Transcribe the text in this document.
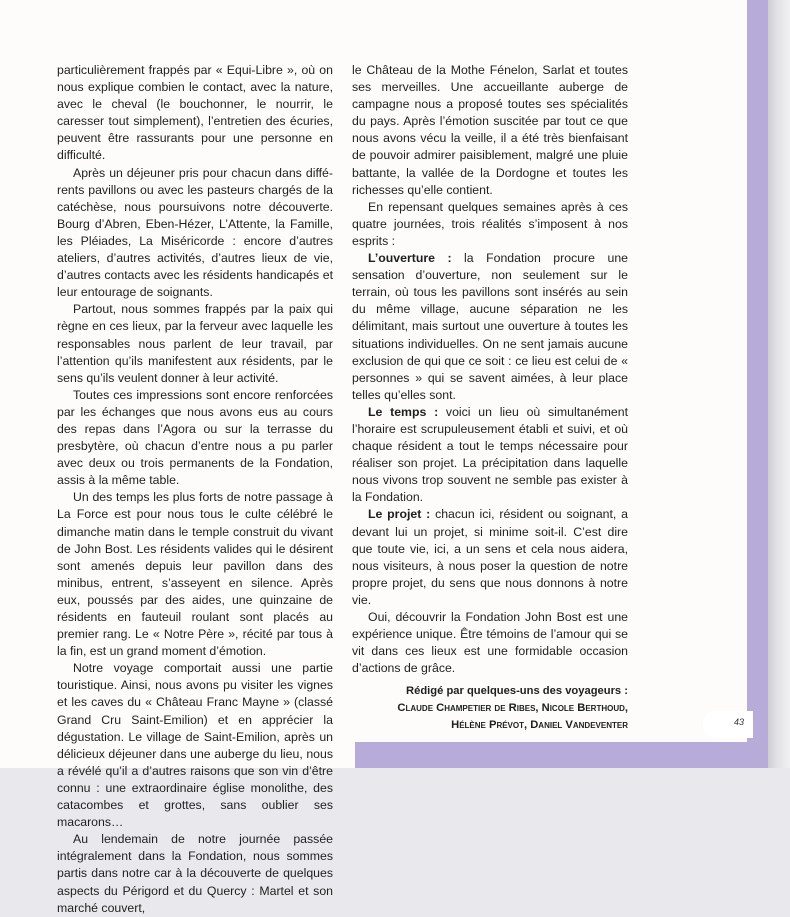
43

particulièrement frappés par « Equi-Libre », où on nous explique combien le contact, avec la nature, avec le cheval (le bouchonner, le nourrir, le caresser tout simplement), l’entretien des écuries, peuvent être rassurants pour une personne en difficulté.

Après un déjeuner pris pour chacun dans différents pavillons ou avec les pasteurs chargés de la catéchèse, nous poursuivons notre découverte. Bourg d’Abren, Eben-Hézer, L’Attente, la Famille, les Pléiades, La Miséricorde : encore d’autres ateliers, d’autres activités, d’autres lieux de vie, d’autres contacts avec les résidents handicapés et leur entourage de soignants.

Partout, nous sommes frappés par la paix qui règne en ces lieux, par la ferveur avec laquelle les responsables nous parlent de leur travail, par l’attention qu’ils manifestent aux résidents, par le sens qu’ils veulent donner à leur activité.

Toutes ces impressions sont encore renforcées par les échanges que nous avons eus au cours des repas dans l’Agora ou sur la terrasse du presbytère, où chacun d’entre nous a pu parler avec deux ou trois permanents de la Fondation, assis à la même table.

Un des temps les plus forts de notre passage à La Force est pour nous tous le culte célébré le dimanche matin dans le temple construit du vivant de John Bost. Les résidents valides qui le désirent sont amenés depuis leur pavillon dans des minibus, entrent, s’asseyent en silence. Après eux, poussés par des aides, une quinzaine de résidents en fauteuil roulant sont placés au premier rang. Le « Notre Père », récité par tous à la fin, est un grand moment d’émotion.

Notre voyage comportait aussi une partie touristique. Ainsi, nous avons pu visiter les vignes et les caves du « Château Franc Mayne » (classé Grand Cru Saint-Emilion) et en apprécier la dégustation. Le village de Saint-Emilion, après un délicieux déjeuner dans une auberge du lieu, nous a révélé qu’il a d’autres raisons que son vin d’être connu : une extraordinaire église monolithe, des catacombes et grottes, sans oublier ses macarons…

Au lendemain de notre journée passée intégralement dans la Fondation, nous sommes partis dans notre car à la découverte de quelques aspects du Périgord et du Quercy : Martel et son marché couvert,

le Château de la Mothe Fénelon, Sarlat et toutes ses merveilles. Une accueillante auberge de campagne nous a proposé toutes ses spécialités du pays. Après l’émotion suscitée par tout ce que nous avons vécu la veille, il a été très bienfaisant de pouvoir admirer paisiblement, malgré une pluie battante, la vallée de la Dordogne et toutes les richesses qu’elle contient.

En repensant quelques semaines après à ces quatre journées, trois réalités s’imposent à nos esprits :

L’ouverture : la Fondation procure une sensation d’ouverture, non seulement sur le terrain, où tous les pavillons sont insérés au sein du même village, aucune séparation ne les délimitant, mais surtout une ouverture à toutes les situations individuelles. On ne sent jamais aucune exclusion de qui que ce soit : ce lieu est celui de « personnes » qui se savent aimées, à leur place telles qu’elles sont.

Le temps : voici un lieu où simultanément l’horaire est scrupuleusement établi et suivi, et où chaque résident a tout le temps nécessaire pour réaliser son projet. La précipitation dans laquelle nous vivons trop souvent ne semble pas exister à la Fondation.

Le projet : chacun ici, résident ou soignant, a devant lui un projet, si minime soit-il. C’est dire que toute vie, ici, a un sens et cela nous aidera, nous visiteurs, à nous poser la question de notre propre projet, du sens que nous donnons à notre vie.

Oui, découvrir la Fondation John Bost est une expérience unique. Être témoins de l’amour qui se vit dans ces lieux est une formidable occasion d’actions de grâce.

Rédigé par quelques-uns des voyageurs :
Claude Champetier de Ribes, Nicole Berthoud,
Hélène Prévot, Daniel Vandeventer
